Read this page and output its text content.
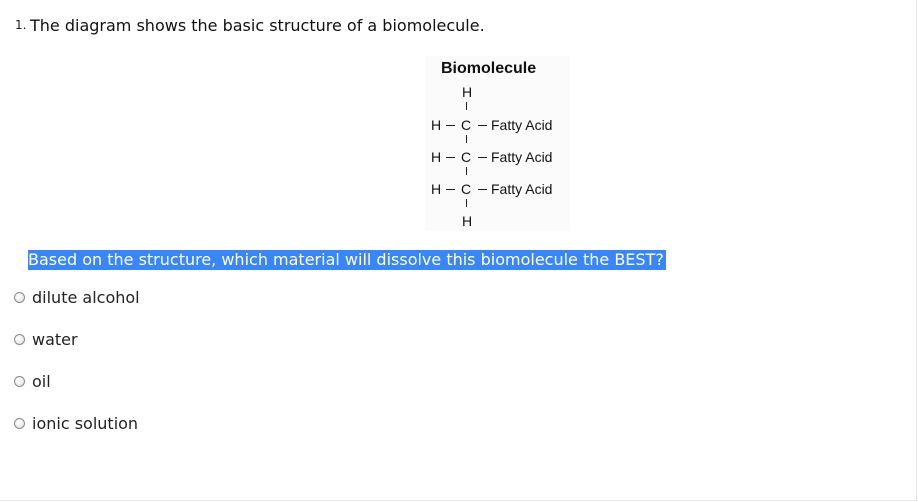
1. The diagram shows the basic structure of a biomolecule.
Biomolecule
H
H C Fatty Acid
H C Fatty Acid
H C Fatty Acid
H
Based on the structure, which material will dissolve this biomolecule the BEST?
dilute alcohol
water
oil
ionic solution
